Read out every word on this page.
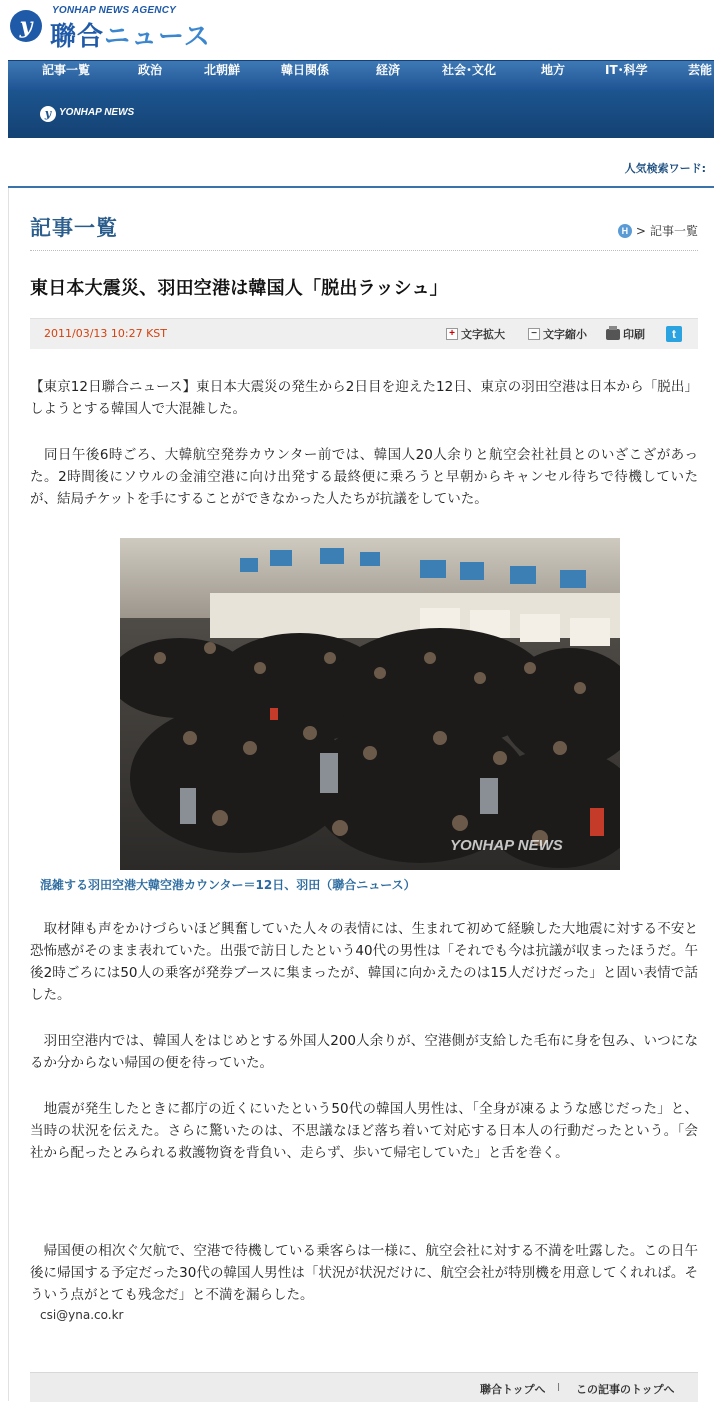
y
YONHAP NEWS AGENCY
聯合ニュース
記事一覧	政治	北朝鮮	韓日関係	経済	社会･文化	地方	IT･科学	芸能
y YONHAP NEWS
人気検索ワード:
記事一覧	H > 記事一覧
東日本大震災、羽田空港は韓国人「脱出ラッシュ」
2011/03/13 10:27 KST	+ 文字拡大	− 文字縮小	印刷	t
【東京12日聯合ニュース】東日本大震災の発生から2日目を迎えた12日、東京の羽田空港は日本から「脱出」しようとする韓国人で大混雑した。
　同日午後6時ごろ、大韓航空発券カウンター前では、韓国人20人余りと航空会社社員とのいざこざがあった。2時間後にソウルの金浦空港に向け出発する最終便に乗ろうと早朝からキャンセル待ちで待機していたが、結局チケットを手にすることができなかった人たちが抗議をしていた。
YONHAP NEWS
混雑する羽田空港大韓空港カウンター＝12日、羽田（聯合ニュース）
　取材陣も声をかけづらいほど興奮していた人々の表情には、生まれて初めて経験した大地震に対する不安と恐怖感がそのまま表れていた。出張で訪日したという40代の男性は「それでも今は抗議が収まったほうだ。午後2時ごろには50人の乗客が発券ブースに集まったが、韓国に向かえたのは15人だけだった」と固い表情で話した。
　羽田空港内では、韓国人をはじめとする外国人200人余りが、空港側が支給した毛布に身を包み、いつになるか分からない帰国の便を待っていた。
　地震が発生したときに都庁の近くにいたという50代の韓国人男性は、「全身が凍るような感じだった」と、当時の状況を伝えた。さらに驚いたのは、不思議なほど落ち着いて対応する日本人の行動だったという。「会社から配ったとみられる救護物資を背負い、走らず、歩いて帰宅していた」と舌を巻く。
　帰国便の相次ぐ欠航で、空港で待機している乗客らは一様に、航空会社に対する不満を吐露した。この日午後に帰国する予定だった30代の韓国人男性は「状況が状況だけに、航空会社が特別機を用意してくれれば。そういう点がとても残念だ」と不満を漏らした。
csi@yna.co.kr
聯合トップへ l この記事のトップへ
